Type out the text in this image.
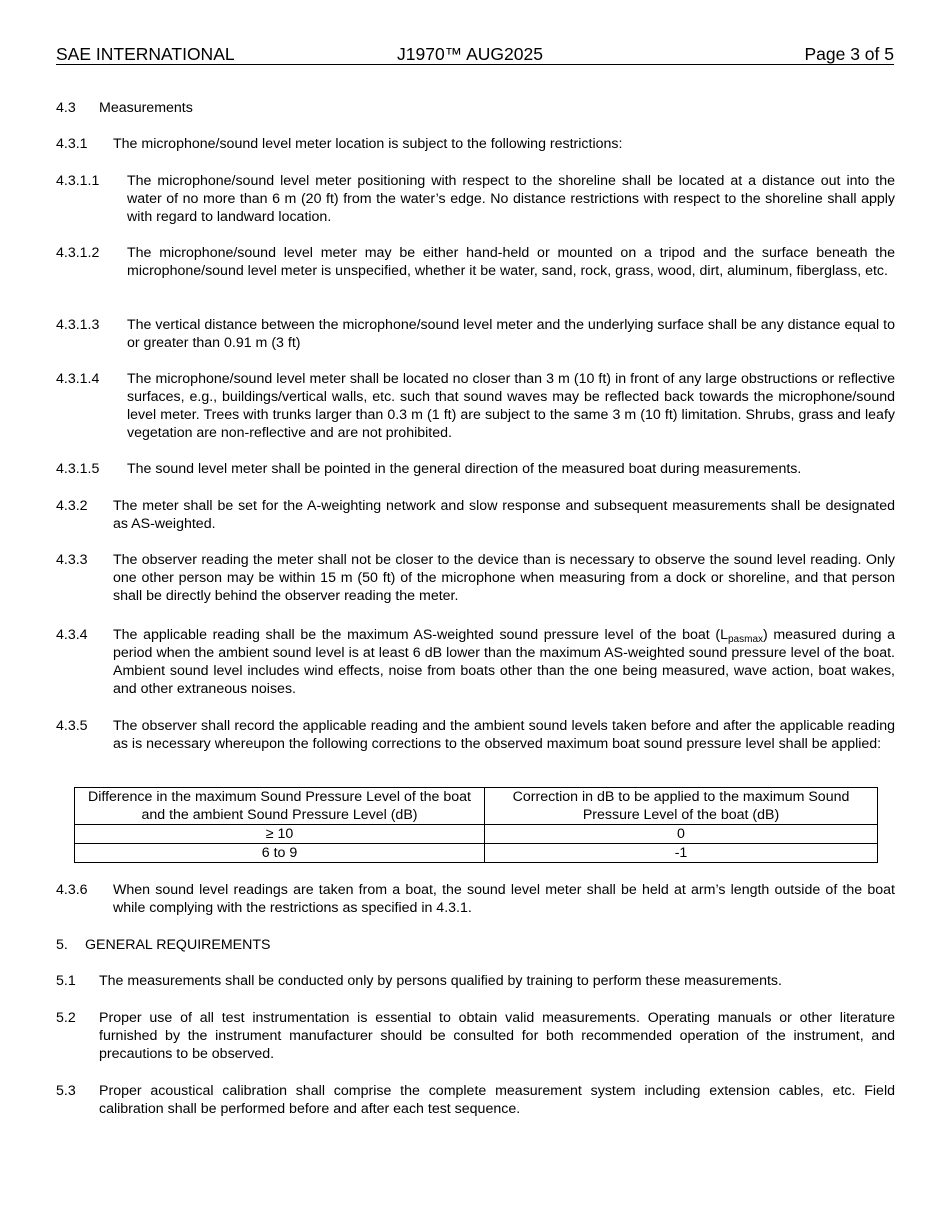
SAE INTERNATIONAL	J1970™ AUG2025	Page 3 of 5
4.3 Measurements
4.3.1 The microphone/sound level meter location is subject to the following restrictions:
4.3.1.1 The microphone/sound level meter positioning with respect to the shoreline shall be located at a distance out into the water of no more than 6 m (20 ft) from the water’s edge. No distance restrictions with respect to the shoreline shall apply with regard to landward location.
4.3.1.2 The microphone/sound level meter may be either hand-held or mounted on a tripod and the surface beneath the microphone/sound level meter is unspecified, whether it be water, sand, rock, grass, wood, dirt, aluminum, fiberglass, etc.
4.3.1.3 The vertical distance between the microphone/sound level meter and the underlying surface shall be any distance equal to or greater than 0.91 m (3 ft)
4.3.1.4 The microphone/sound level meter shall be located no closer than 3 m (10 ft) in front of any large obstructions or reflective surfaces, e.g., buildings/vertical walls, etc. such that sound waves may be reflected back towards the microphone/sound level meter. Trees with trunks larger than 0.3 m (1 ft) are subject to the same 3 m (10 ft) limitation. Shrubs, grass and leafy vegetation are non-reflective and are not prohibited.
4.3.1.5 The sound level meter shall be pointed in the general direction of the measured boat during measurements.
4.3.2 The meter shall be set for the A-weighting network and slow response and subsequent measurements shall be designated as AS-weighted.
4.3.3 The observer reading the meter shall not be closer to the device than is necessary to observe the sound level reading. Only one other person may be within 15 m (50 ft) of the microphone when measuring from a dock or shoreline, and that person shall be directly behind the observer reading the meter.
4.3.4 The applicable reading shall be the maximum AS-weighted sound pressure level of the boat $(L_{pasmax})$ measured during a period when the ambient sound level is at least 6 dB lower than the maximum AS-weighted sound pressure level of the boat. Ambient sound level includes wind effects, noise from boats other than the one being measured, wave action, boat wakes, and other extraneous noises.
4.3.5 The observer shall record the applicable reading and the ambient sound levels taken before and after the applicable reading as is necessary whereupon the following corrections to the observed maximum boat sound pressure level shall be applied:
Difference in the maximum Sound Pressure Level of the boat and the ambient Sound Pressure Level (dB)	Correction in dB to be applied to the maximum Sound Pressure Level of the boat (dB)
≥ 10	0
6 to 9	-1
4.3.6 When sound level readings are taken from a boat, the sound level meter shall be held at arm’s length outside of the boat while complying with the restrictions as specified in 4.3.1.
5. GENERAL REQUIREMENTS
5.1 The measurements shall be conducted only by persons qualified by training to perform these measurements.
5.2 Proper use of all test instrumentation is essential to obtain valid measurements. Operating manuals or other literature furnished by the instrument manufacturer should be consulted for both recommended operation of the instrument, and precautions to be observed.
5.3 Proper acoustical calibration shall comprise the complete measurement system including extension cables, etc. Field calibration shall be performed before and after each test sequence.
